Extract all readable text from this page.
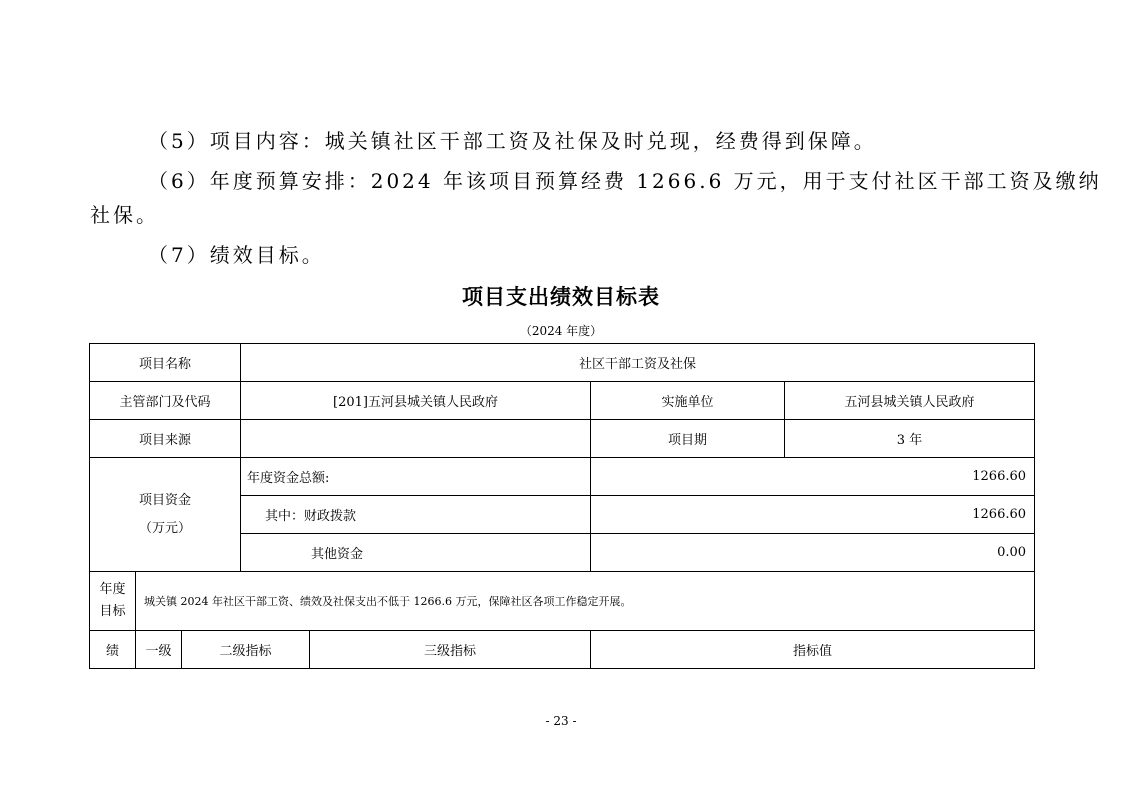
（5）项目内容：城关镇社区干部工资及社保及时兑现，经费得到保障。
（6）年度预算安排：2024 年该项目预算经费 1266.6 万元，用于支付社区干部工资及缴纳
社保。
（7）绩效目标。
项目支出绩效目标表
（2024 年度）
项目名称			社区干部工资及社保			
主管部门及代码			[201]五河县城关镇人民政府		实施单位	五河县城关镇人民政府
项目来源					项目期	3 年

项目资金
（万元）			年度资金总额:		1266.60	
			其中：财政拨款		1266.60	
			其他资金		0.00	

年度
目标	城关镇 2024 年社区干部工资、绩效及社保支出不低于 1266.6 万元，保障社区各项工作稳定开展。					
绩	一级	二级指标		三级指标	指标值	
- 23 -
